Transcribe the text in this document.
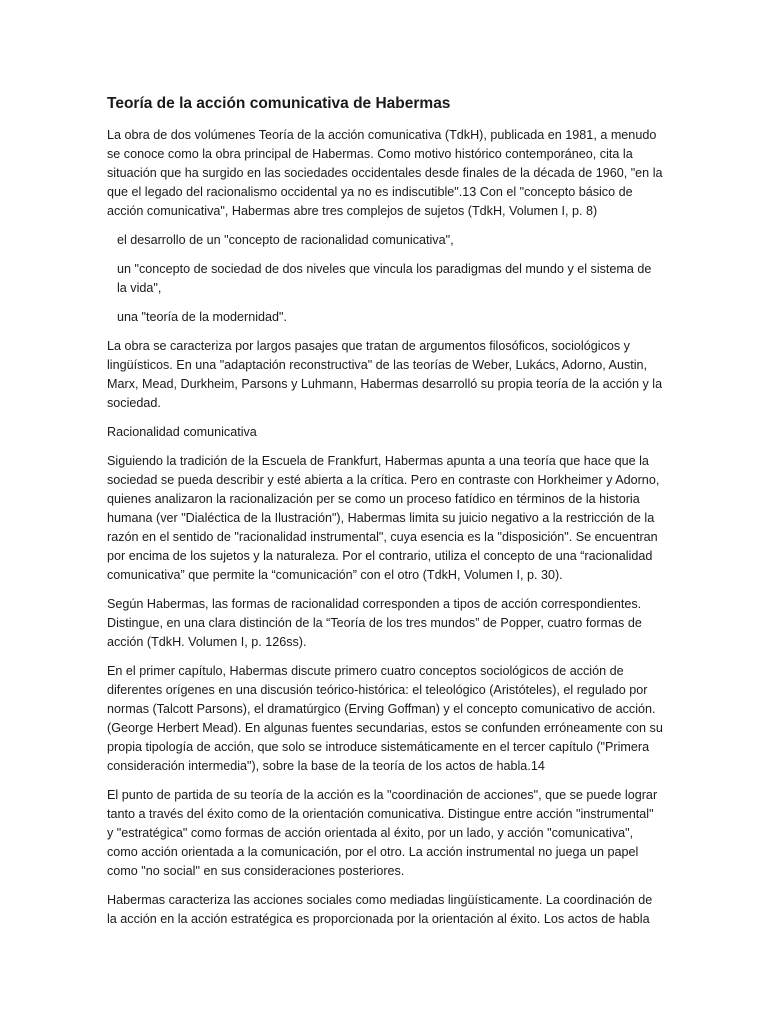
Teoría de la acción comunicativa de Habermas

La obra de dos volúmenes Teoría de la acción comunicativa (TdkH), publicada en 1981, a menudo se conoce como la obra principal de Habermas. Como motivo histórico contemporáneo, cita la situación que ha surgido en las sociedades occidentales desde finales de la década de 1960, "en la que el legado del racionalismo occidental ya no es indiscutible".13 Con el "concepto básico de acción comunicativa", Habermas abre tres complejos de sujetos (TdkH, Volumen I, p. 8)

el desarrollo de un "concepto de racionalidad comunicativa",

un "concepto de sociedad de dos niveles que vincula los paradigmas del mundo y el sistema de la vida",

una "teoría de la modernidad".

La obra se caracteriza por largos pasajes que tratan de argumentos filosóficos, sociológicos y lingüísticos. En una "adaptación reconstructiva" de las teorías de Weber, Lukács, Adorno, Austin, Marx, Mead, Durkheim, Parsons y Luhmann, Habermas desarrolló su propia teoría de la acción y la sociedad.

Racionalidad comunicativa

Siguiendo la tradición de la Escuela de Frankfurt, Habermas apunta a una teoría que hace que la sociedad se pueda describir y esté abierta a la crítica. Pero en contraste con Horkheimer y Adorno, quienes analizaron la racionalización per se como un proceso fatídico en términos de la historia humana (ver "Dialéctica de la Ilustración"), Habermas limita su juicio negativo a la restricción de la razón en el sentido de "racionalidad instrumental", cuya esencia es la "disposición". Se encuentran por encima de los sujetos y la naturaleza. Por el contrario, utiliza el concepto de una “racionalidad comunicativa” que permite la “comunicación” con el otro (TdkH, Volumen I, p. 30).

Según Habermas, las formas de racionalidad corresponden a tipos de acción correspondientes. Distingue, en una clara distinción de la “Teoría de los tres mundos” de Popper, cuatro formas de acción (TdkH. Volumen I, p. 126ss).

En el primer capítulo, Habermas discute primero cuatro conceptos sociológicos de acción de diferentes orígenes en una discusión teórico-histórica: el teleológico (Aristóteles), el regulado por normas (Talcott Parsons), el dramatúrgico (Erving Goffman) y el concepto comunicativo de acción. (George Herbert Mead). En algunas fuentes secundarias, estos se confunden erróneamente con su propia tipología de acción, que solo se introduce sistemáticamente en el tercer capítulo ("Primera consideración intermedia"), sobre la base de la teoría de los actos de habla.14

El punto de partida de su teoría de la acción es la "coordinación de acciones", que se puede lograr tanto a través del éxito como de la orientación comunicativa. Distingue entre acción "instrumental" y "estratégica" como formas de acción orientada al éxito, por un lado, y acción "comunicativa", como acción orientada a la comunicación, por el otro. La acción instrumental no juega un papel como "no social" en sus consideraciones posteriores.

Habermas caracteriza las acciones sociales como mediadas lingüísticamente. La coordinación de la acción en la acción estratégica es proporcionada por la orientación al éxito. Los actos de habla
